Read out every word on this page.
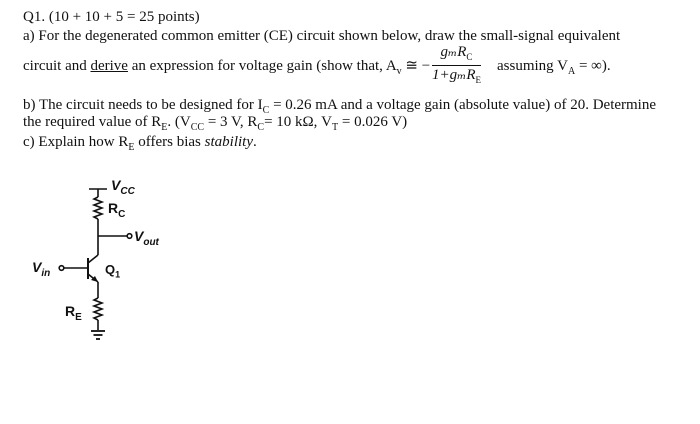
Q1. (10 + 10 + 5 = 25 points)
a) For the degenerated common emitter (CE) circuit shown below, draw the small-signal equivalent
circuit and derive an expression for voltage gain (show that, $A_v$ ≅ −
gₘR$_C$
1+gₘR$_E$
assuming $V_A$ = ∞).
b) The circuit needs to be designed for $I_C = 0.26$ mA and a voltage gain (absolute value) of 20. Determine
the required value of $R_E$. ($V_{CC} = 3$ V, $R_C= 10$ kΩ, $V_T = 0.026$ V)
c) Explain how $R_E$ offers bias stability.
$V_{CC}$
$R_C$
$V_{out}$
$V_{in}$	$Q_1$
$R_E$
